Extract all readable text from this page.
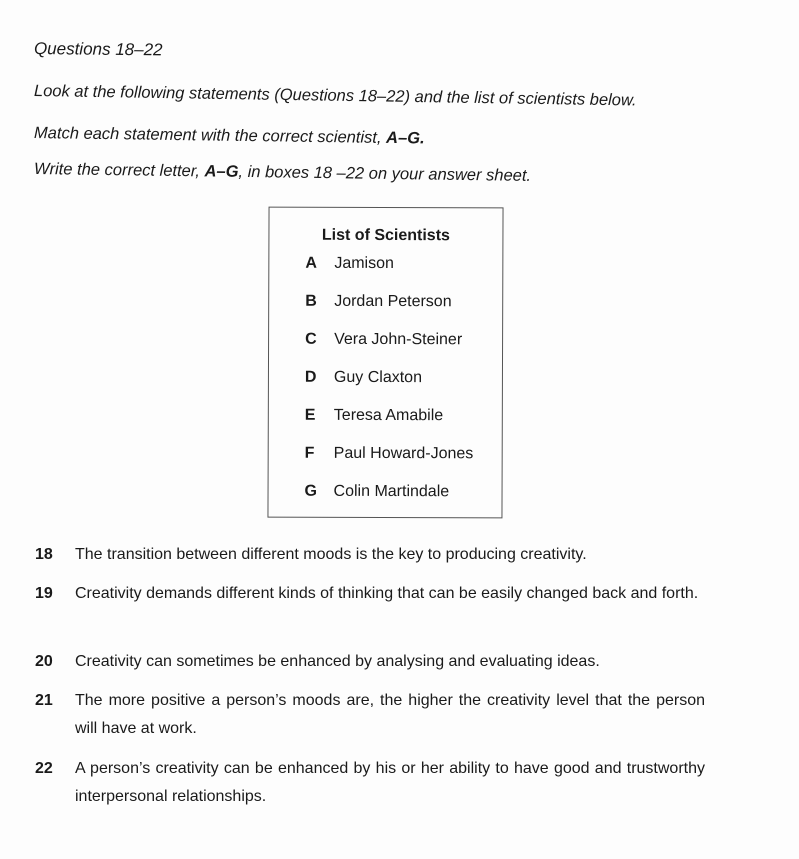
Questions 18–22
Look at the following statements (Questions 18–22) and the list of scientists below.
Match each statement with the correct scientist, A–G.
Write the correct letter, A–G, in boxes 18 –22 on your answer sheet.
List of Scientists
A Jamison
B Jordan Peterson
C Vera John-Steiner
D Guy Claxton
E Teresa Amabile
F Paul Howard-Jones
G Colin Martindale
18 The transition between different moods is the key to producing creativity.
19 Creativity demands different kinds of thinking that can be easily changed back and forth.
20 Creativity can sometimes be enhanced by analysing and evaluating ideas.
21 The more positive a person’s moods are, the higher the creativity level that the person will have at work.
22 A person’s creativity can be enhanced by his or her ability to have good and trustworthy interpersonal relationships.
